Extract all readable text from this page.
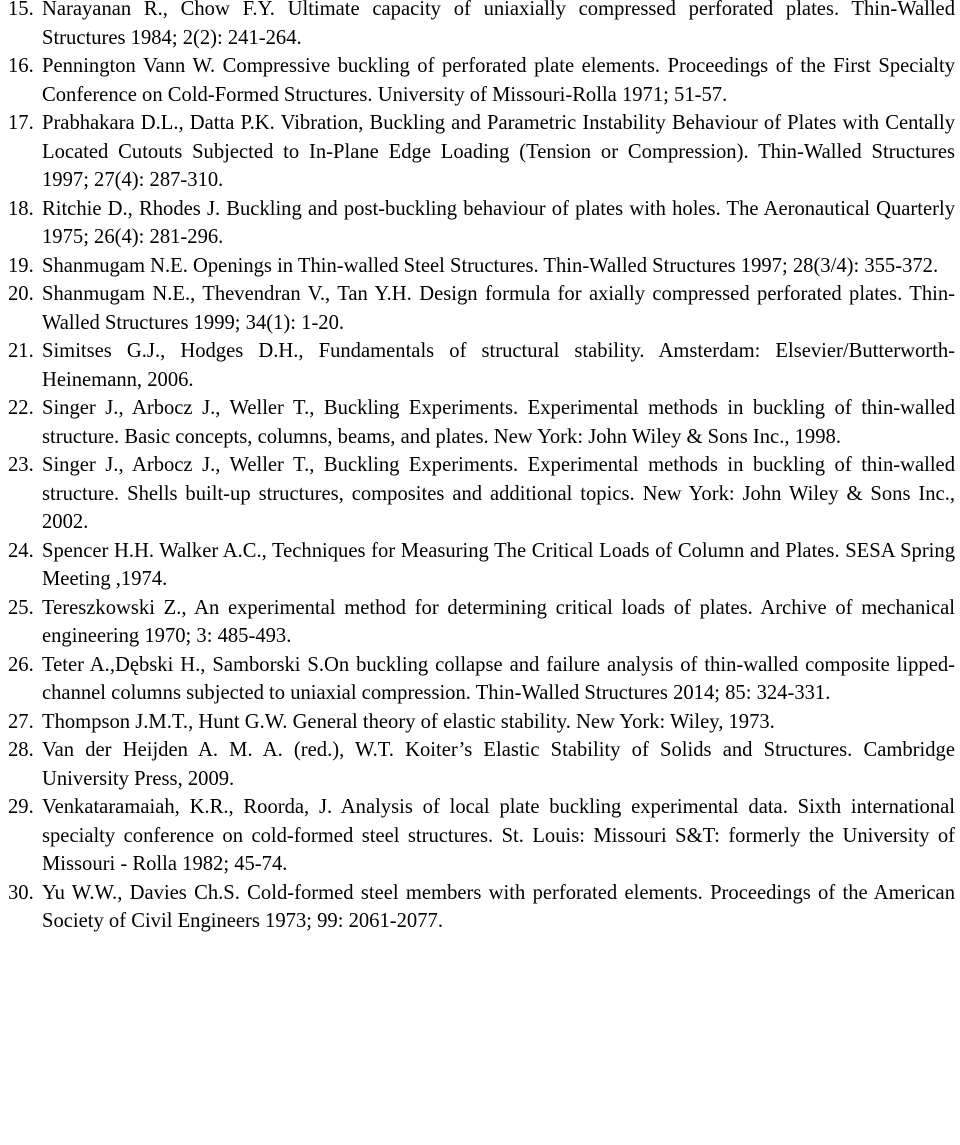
15. Narayanan R., Chow F.Y. Ultimate capacity of uniaxially compressed perforated plates. Thin-Walled Structures 1984; 2(2): 241-264.
16. Pennington Vann W. Compressive buckling of perforated plate elements. Proceedings of the First Specialty Conference on Cold-Formed Structures. University of Missouri-Rolla 1971; 51-57.
17. Prabhakara D.L., Datta P.K. Vibration, Buckling and Parametric Instability Behaviour of Plates with Centally Located Cutouts Subjected to In-Plane Edge Loading (Tension or Compression). Thin-Walled Structures 1997; 27(4): 287-310.
18. Ritchie D., Rhodes J. Buckling and post-buckling behaviour of plates with holes. The Aeronautical Quarterly 1975; 26(4): 281-296.
19. Shanmugam N.E. Openings in Thin-walled Steel Structures. Thin-Walled Structures 1997; 28(3/4): 355-372.
20. Shanmugam N.E., Thevendran V., Tan Y.H. Design formula for axially compressed perforated plates. Thin-Walled Structures 1999; 34(1): 1-20.
21. Simitses G.J., Hodges D.H., Fundamentals of structural stability. Amsterdam: Elsevier/Butterworth-Heinemann, 2006.
22. Singer J., Arbocz J., Weller T., Buckling Experiments. Experimental methods in buckling of thin-walled structure. Basic concepts, columns, beams, and plates. New York: John Wiley & Sons Inc., 1998.
23. Singer J., Arbocz J., Weller T., Buckling Experiments. Experimental methods in buckling of thin-walled structure. Shells built-up structures, composites and additional topics. New York: John Wiley & Sons Inc., 2002.
24. Spencer H.H. Walker A.C., Techniques for Measuring The Critical Loads of Column and Plates. SESA Spring Meeting ,1974.
25. Tereszkowski Z., An experimental method for determining critical loads of plates. Archive of mechanical engineering 1970; 3: 485-493.
26. Teter A.,Dębski H., Samborski S.On buckling collapse and failure analysis of thin-walled composite lipped-channel columns subjected to uniaxial compression. Thin-Walled Structures 2014; 85: 324-331.
27. Thompson J.M.T., Hunt G.W. General theory of elastic stability. New York: Wiley, 1973.
28. Van der Heijden A. M. A. (red.), W.T. Koiter’s Elastic Stability of Solids and Structures. Cambridge University Press, 2009.
29. Venkataramaiah, K.R., Roorda, J. Analysis of local plate buckling experimental data. Sixth international specialty conference on cold-formed steel structures. St. Louis: Missouri S&T: formerly the University of Missouri - Rolla 1982; 45-74.
30. Yu W.W., Davies Ch.S. Cold-formed steel members with perforated elements. Proceedings of the American Society of Civil Engineers 1973; 99: 2061-2077.
